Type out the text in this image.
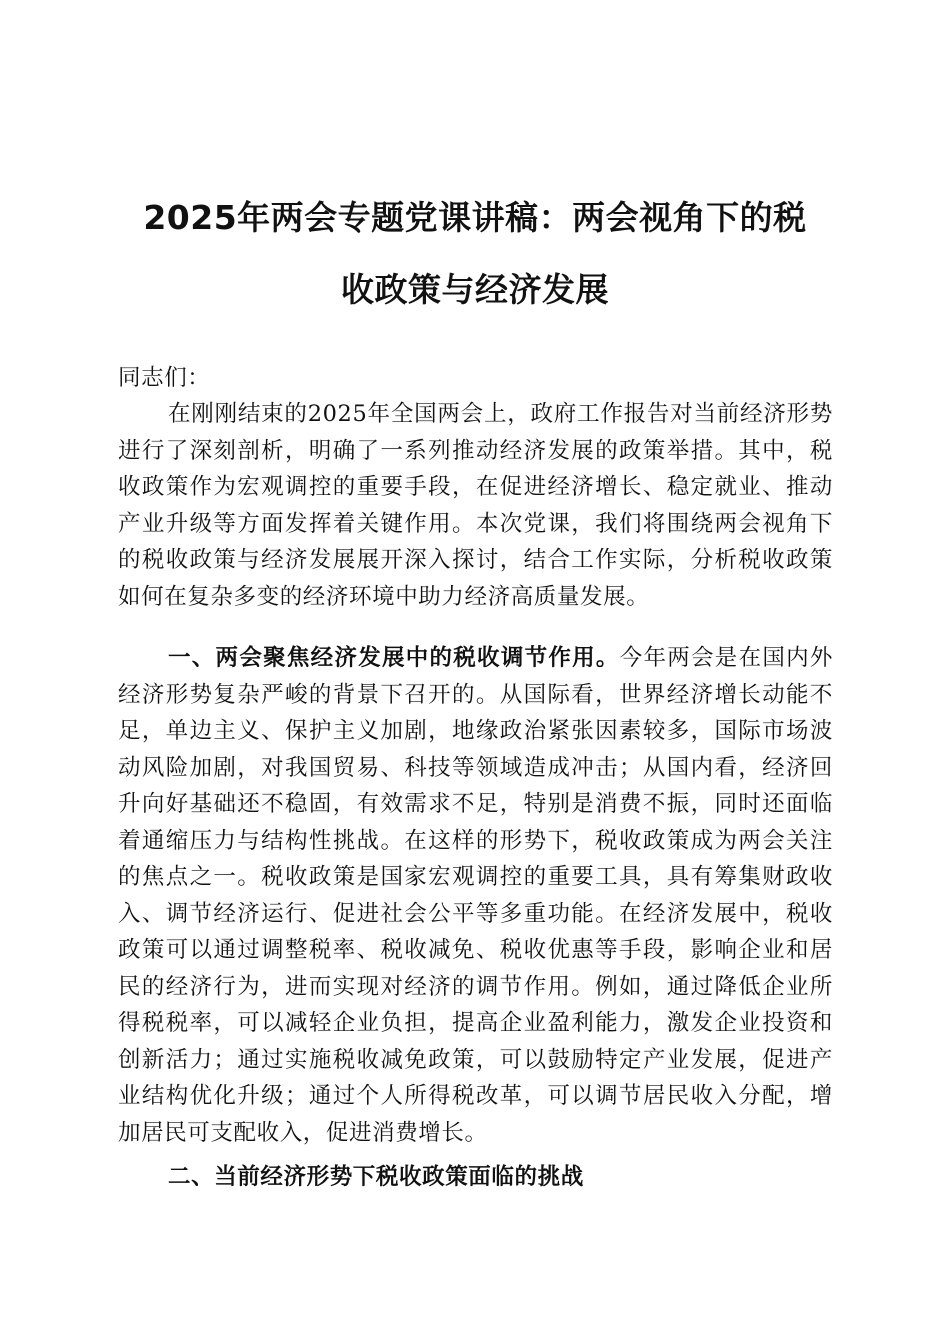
2025年两会专题党课讲稿：两会视角下的税
收政策与经济发展

同志们：

在刚刚结束的2025年全国两会上，政府工作报告对当前经济形势进行了深刻剖析，明确了一系列推动经济发展的政策举措。其中，税收政策作为宏观调控的重要手段，在促进经济增长、稳定就业、推动产业升级等方面发挥着关键作用。本次党课，我们将围绕两会视角下的税收政策与经济发展展开深入探讨，结合工作实际，分析税收政策如何在复杂多变的经济环境中助力经济高质量发展。

一、两会聚焦经济发展中的税收调节作用。今年两会是在国内外经济形势复杂严峻的背景下召开的。从国际看，世界经济增长动能不足，单边主义、保护主义加剧，地缘政治紧张因素较多，国际市场波动风险加剧，对我国贸易、科技等领域造成冲击；从国内看，经济回升向好基础还不稳固，有效需求不足，特别是消费不振，同时还面临着通缩压力与结构性挑战。在这样的形势下，税收政策成为两会关注的焦点之一。税收政策是国家宏观调控的重要工具，具有筹集财政收入、调节经济运行、促进社会公平等多重功能。在经济发展中，税收政策可以通过调整税率、税收减免、税收优惠等手段，影响企业和居民的经济行为，进而实现对经济的调节作用。例如，通过降低企业所得税税率，可以减轻企业负担，提高企业盈利能力，激发企业投资和创新活力；通过实施税收减免政策，可以鼓励特定产业发展，促进产业结构优化升级；通过个人所得税改革，可以调节居民收入分配，增加居民可支配收入，促进消费增长。

二、当前经济形势下税收政策面临的挑战
